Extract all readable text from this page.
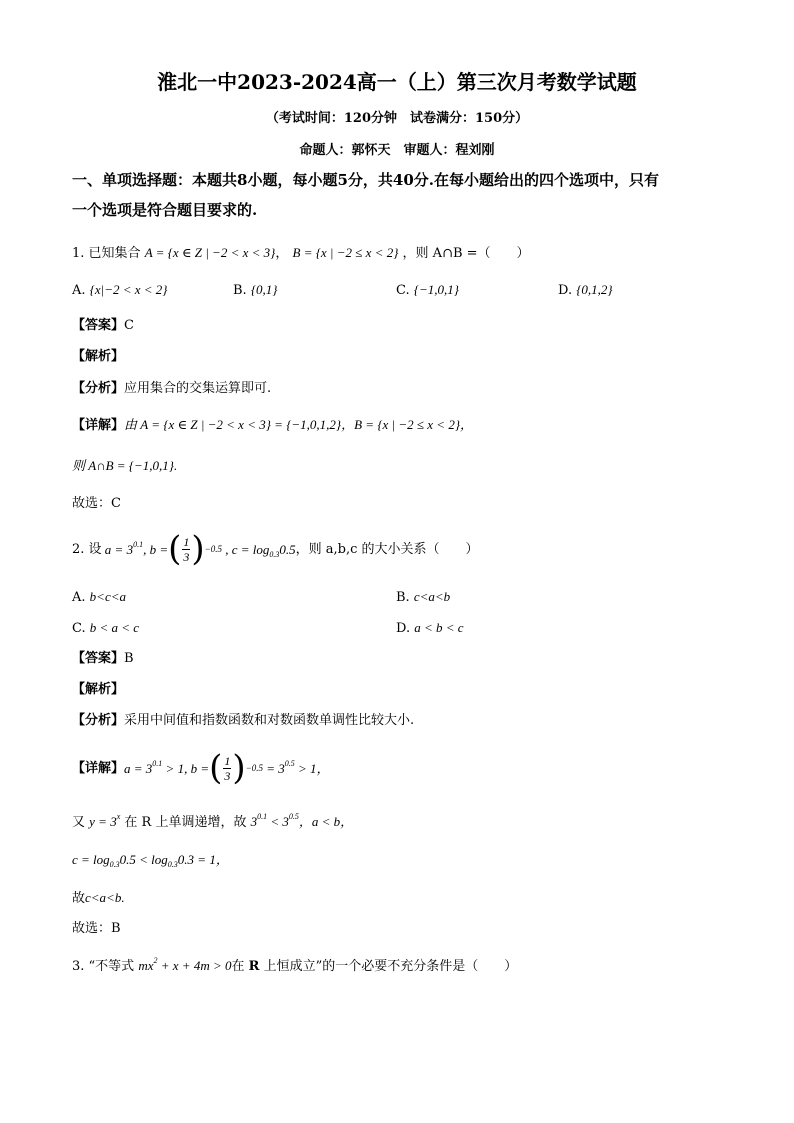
淮北一中2023-2024高一（上）第三次月考数学试题
（考试时间：120分钟　试卷满分：150分）
命题人：郭怀天　审题人：程刘刚
一、单项选择题：本题共8小题，每小题5分，共40分.在每小题给出的四个选项中，只有
一个选项是符合题目要求的.
1. 已知集合 A = {x ∈ Z | −2 < x < 3}， B = {x | −2 ≤ x < 2} ，则 A∩B =（　　）
A. {x|−2 < x < 2}	B. {0,1}	C. {−1,0,1}	D. {0,1,2}
【答案】C
【解析】
【分析】应用集合的交集运算即可.
【详解】由 A = {x ∈ Z | −2 < x < 3} = {−1,0,1,2}，B = {x | −2 ≤ x < 2}，
则 A∩B = {−1,0,1}.
故选：C
2. 设 $a = 3^{0.1}$, b = ( $\frac{1}{3}$ ) −0.5 , $c = \log_{0.3}0.5$ ，则 a,b,c 的大小关系（　　）
A. b<c<a	B. c<a<b
C. b < a < c	D. a < b < c
【答案】B
【解析】
【分析】采用中间值和指数函数和对数函数单调性比较大小.
【详解】 $a = 3^{0.1} > 1$, b = ( $\frac{1}{3}$ ) $-0.5 = 3^{0.5} > 1$，
又 $y = 3^x$ 在 R 上单调递增，故 $3^{0.1} < 3^{0.5}$，a < b，
$c = \log_{0.3}0.5 < \log_{0.3}0.3 = 1$，
故c<a<b.
故选：B
3. “不等式 $mx^2 + x + 4m > 0$在 R 上恒成立”的一个必要不充分条件是（　　）
